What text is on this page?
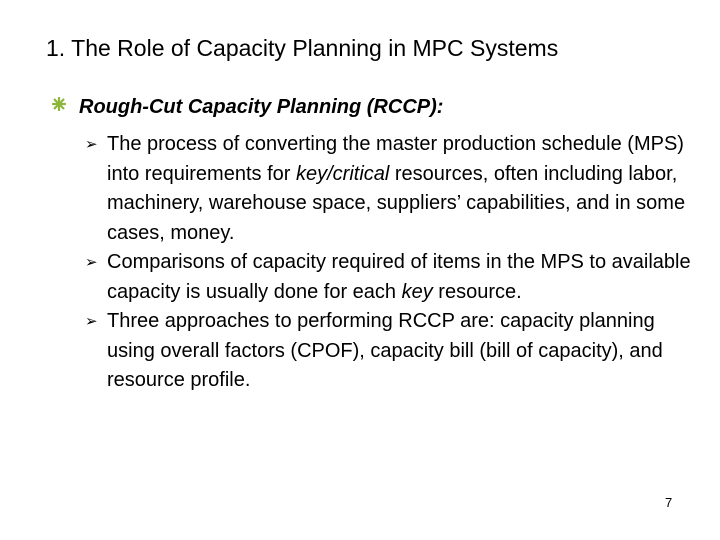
1. The Role of Capacity Planning in MPC Systems
Rough-Cut Capacity Planning (RCCP):
➢ The process of converting the master production schedule (MPS) into requirements for key/critical resources, often including labor, machinery, warehouse space, suppliers’ capabilities, and in some cases, money.
➢ Comparisons of capacity required of items in the MPS to available capacity is usually done for each key resource.
➢ Three approaches to performing RCCP are: capacity planning using overall factors (CPOF), capacity bill (bill of capacity), and resource profile.
7
